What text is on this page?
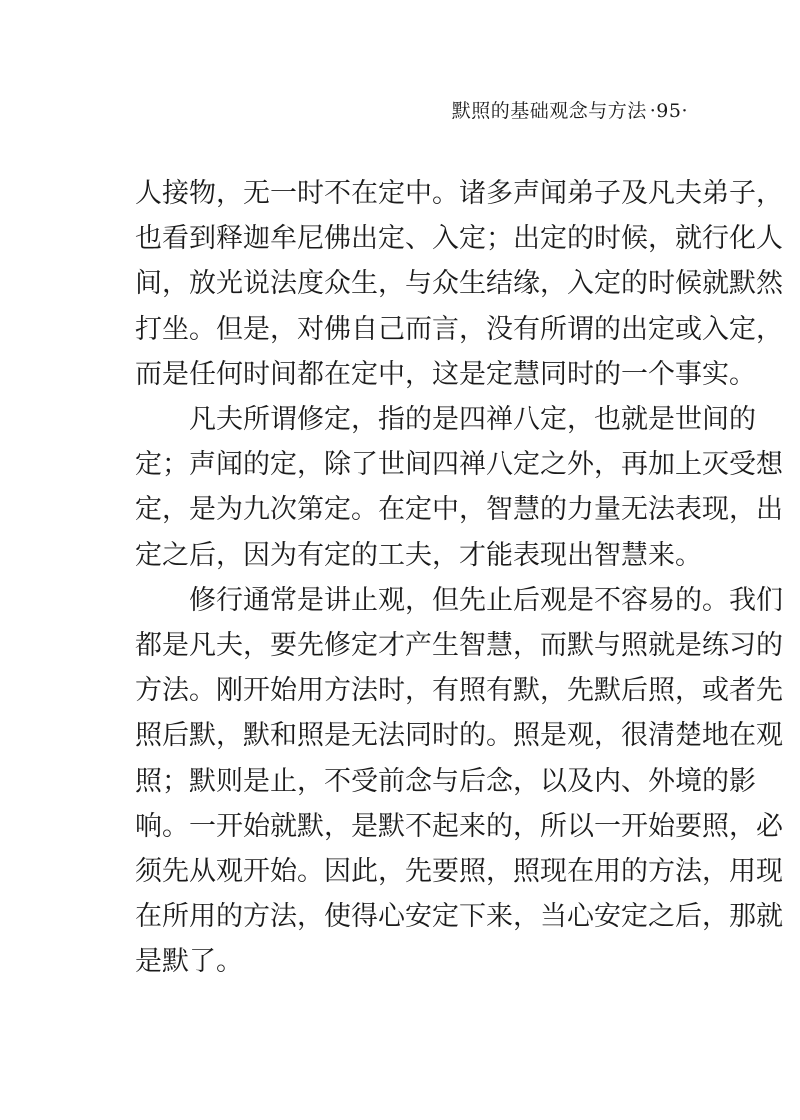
默照的基础观念与方法 ·95·
人接物，无一时不在定中。诸多声闻弟子及凡夫弟子，
也看到释迦牟尼佛出定、入定；出定的时候，就行化人
间，放光说法度众生，与众生结缘，入定的时候就默然
打坐。但是，对佛自己而言，没有所谓的出定或入定，
而是任何时间都在定中，这是定慧同时的一个事实。
　　凡夫所谓修定，指的是四禅八定，也就是世间的
定；声闻的定，除了世间四禅八定之外，再加上灭受想
定，是为九次第定。在定中，智慧的力量无法表现，出
定之后，因为有定的工夫，才能表现出智慧来。
　　修行通常是讲止观，但先止后观是不容易的。我们
都是凡夫，要先修定才产生智慧，而默与照就是练习的
方法。刚开始用方法时，有照有默，先默后照，或者先
照后默，默和照是无法同时的。照是观，很清楚地在观
照；默则是止，不受前念与后念，以及内、外境的影
响。一开始就默，是默不起来的，所以一开始要照，必
须先从观开始。因此，先要照，照现在用的方法，用现
在所用的方法，使得心安定下来，当心安定之后，那就
是默了。
